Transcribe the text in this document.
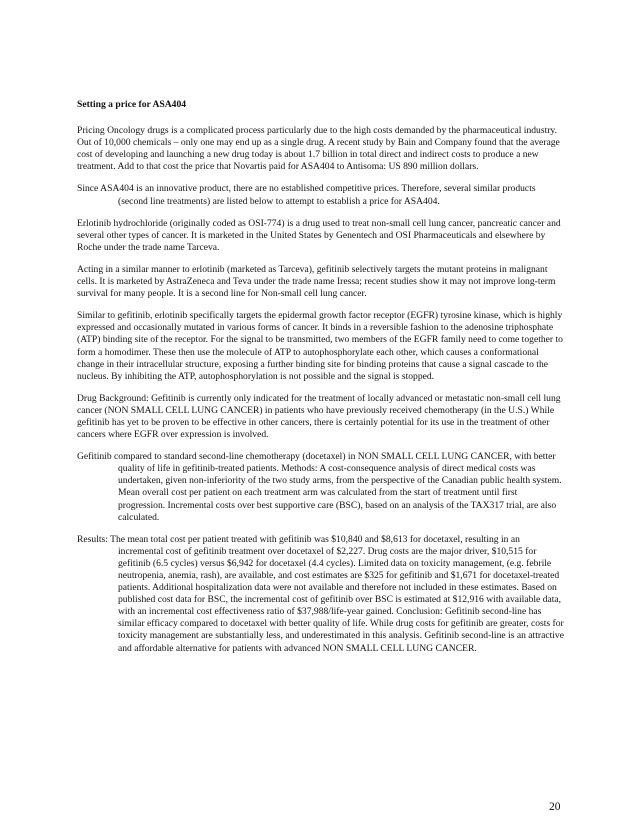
Setting a price for ASA404

Pricing Oncology drugs is a complicated process particularly due to the high costs demanded by the pharmaceutical industry. Out of 10,000 chemicals – only one may end up as a single drug. A recent study by Bain and Company found that the average cost of developing and launching a new drug today is about 1.7 billion in total direct and indirect costs to produce a new treatment. Add to that cost the price that Novartis paid for ASA404 to Antisoma: US 890 million dollars.

Since ASA404 is an innovative product, there are no established competitive prices. Therefore, several similar products (second line treatments) are listed below to attempt to establish a price for ASA404.

Erlotinib hydrochloride (originally coded as OSI-774) is a drug used to treat non-small cell lung cancer, pancreatic cancer and several other types of cancer. It is marketed in the United States by Genentech and OSI Pharmaceuticals and elsewhere by Roche under the trade name Tarceva.

Acting in a similar manner to erlotinib (marketed as Tarceva), gefitinib selectively targets the mutant proteins in malignant cells. It is marketed by AstraZeneca and Teva under the trade name Iressa; recent studies show it may not improve long-term survival for many people. It is a second line for Non-small cell lung cancer.

Similar to gefitinib, erlotinib specifically targets the epidermal growth factor receptor (EGFR) tyrosine kinase, which is highly expressed and occasionally mutated in various forms of cancer. It binds in a reversible fashion to the adenosine triphosphate (ATP) binding site of the receptor. For the signal to be transmitted, two members of the EGFR family need to come together to form a homodimer. These then use the molecule of ATP to autophosphorylate each other, which causes a conformational change in their intracellular structure, exposing a further binding site for binding proteins that cause a signal cascade to the nucleus. By inhibiting the ATP, autophosphorylation is not possible and the signal is stopped.

Drug Background: Gefitinib is currently only indicated for the treatment of locally advanced or metastatic non-small cell lung cancer (NON SMALL CELL LUNG CANCER) in patients who have previously received chemotherapy (in the U.S.) While gefitinib has yet to be proven to be effective in other cancers, there is certainly potential for its use in the treatment of other cancers where EGFR over expression is involved.

Gefitinib compared to standard second-line chemotherapy (docetaxel) in NON SMALL CELL LUNG CANCER, with better quality of life in gefitinib-treated patients. Methods: A cost-consequence analysis of direct medical costs was undertaken, given non-inferiority of the two study arms, from the perspective of the Canadian public health system. Mean overall cost per patient on each treatment arm was calculated from the start of treatment until first progression. Incremental costs over best supportive care (BSC), based on an analysis of the TAX317 trial, are also calculated.

Results: The mean total cost per patient treated with gefitinib was $10,840 and $8,613 for docetaxel, resulting in an incremental cost of gefitinib treatment over docetaxel of $2,227. Drug costs are the major driver, $10,515 for gefitinib (6.5 cycles) versus $6,942 for docetaxel (4.4 cycles). Limited data on toxicity management, (e.g. febrile neutropenia, anemia, rash), are available, and cost estimates are $325 for gefitinib and $1,671 for docetaxel-treated patients. Additional hospitalization data were not available and therefore not included in these estimates. Based on published cost data for BSC, the incremental cost of gefitinib over BSC is estimated at $12,916 with available data, with an incremental cost effectiveness ratio of $37,988/life-year gained. Conclusion: Gefitinib second-line has similar efficacy compared to docetaxel with better quality of life. While drug costs for gefitinib are greater, costs for toxicity management are substantially less, and underestimated in this analysis. Gefitinib second-line is an attractive and affordable alternative for patients with advanced NON SMALL CELL LUNG CANCER.

20
